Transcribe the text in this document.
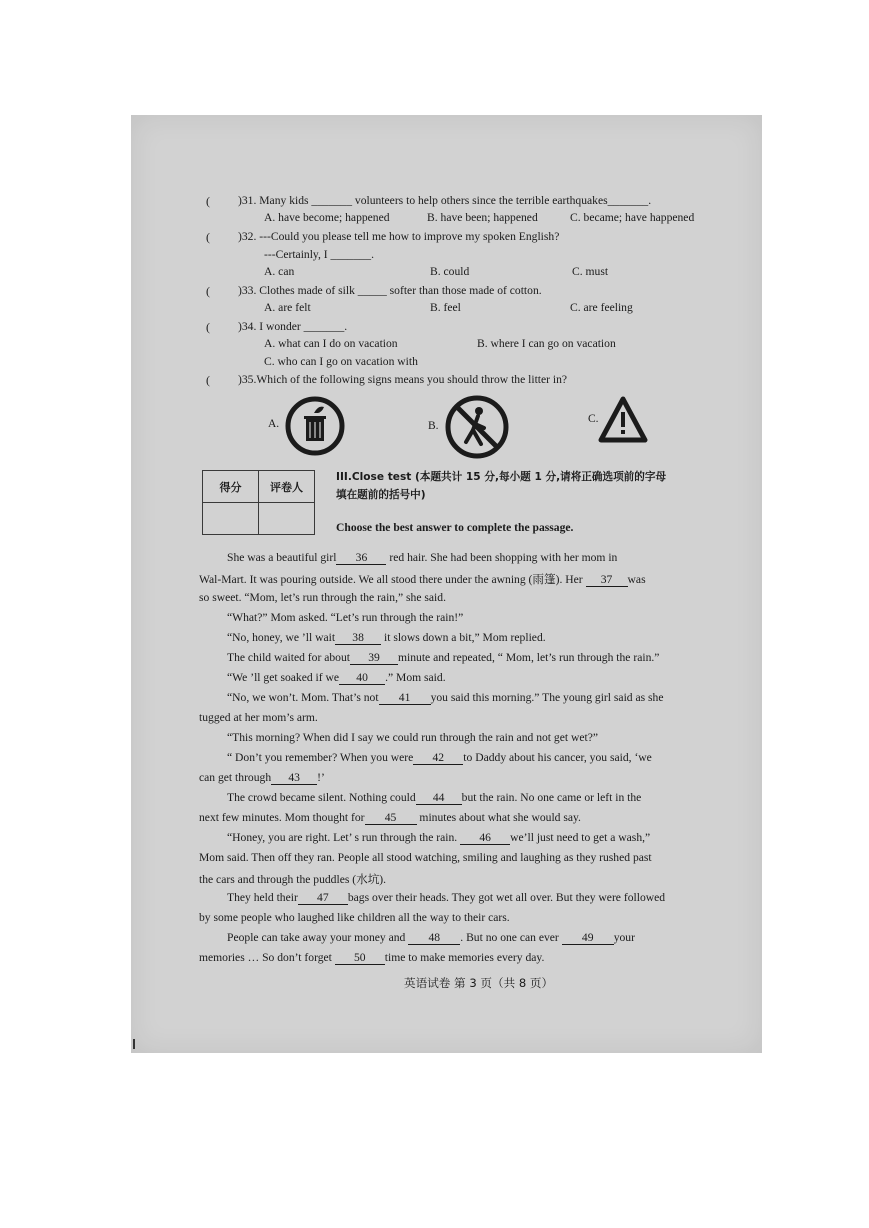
( )31. Many kids _______ volunteers to help others since the terrible earthquakes_______.
A. have become; happened	B. have been; happened	C. became; have happened
( )32. ---Could you please tell me how to improve my spoken English?
---Certainly, I _______.
A. can	B. could	C. must
( )33. Clothes made of silk _____ softer than those made of cotton.
A. are felt	B. feel	C. are feeling
( )34. I wonder _______.
A. what can I do on vacation	B. where I can go on vacation
C. who can I go on vacation with
( )35.Which of the following signs means you should throw the litter in?
A.	B.
C.
得分	评卷人

III.Close test (本题共计 15 分,每小题 1 分,请将正确选项前的字母
填在题前的括号中)
Choose the best answer to complete the passage.
She was a beautiful girl 36 red hair. She had been shopping with her mom in
Wal-Mart. It was pouring outside. We all stood there under the awning (雨篷). Her 37 was
so sweet. “Mom, let’s run through the rain,” she said.
“What?” Mom asked. “Let’s run through the rain!”
“No, honey, we ’ll wait 38 it slows down a bit,” Mom replied.
The child waited for about 39 minute and repeated, “ Mom, let’s run through the rain.”
“We ’ll get soaked if we 40 .” Mom said.
“No, we won’t. Mom. That’s not 41 you said this morning.” The young girl said as she
tugged at her mom’s arm.
“This morning? When did I say we could run through the rain and not get wet?”
“ Don’t you remember? When you were 42 to Daddy about his cancer, you said, ‘we
can get through 43 !’
The crowd became silent. Nothing could 44 but the rain. No one came or left in the
next few minutes. Mom thought for 45 minutes about what she would say.
“Honey, you are right. Let’ s run through the rain. 46 we’ll just need to get a wash,”
Mom said. Then off they ran. People all stood watching, smiling and laughing as they rushed past
the cars and through the puddles (水坑).
They held their 47 bags over their heads. They got wet all over. But they were followed
by some people who laughed like children all the way to their cars.
People can take away your money and 48 . But no one can ever 49 your
memories … So don’t forget 50 time to make memories every day.
英语试卷 第 3 页（共 8 页）
